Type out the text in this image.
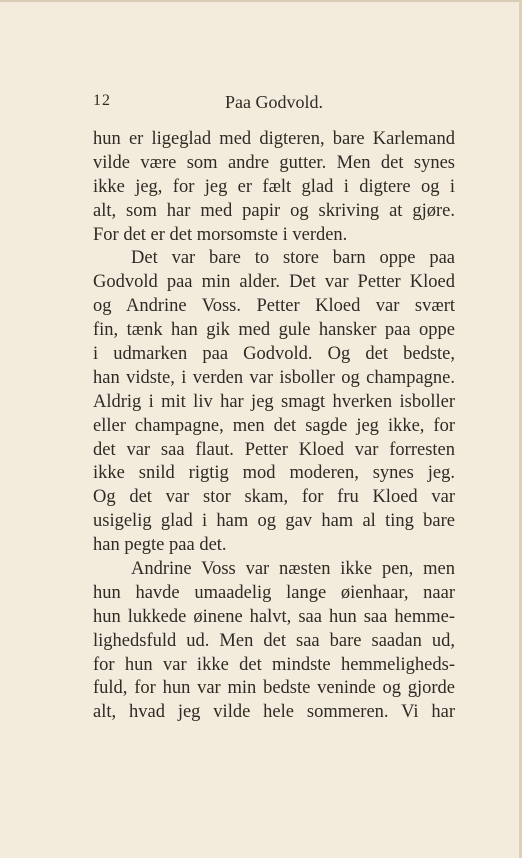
12	Paa Godvold.
hun er ligeglad med digteren, bare Karlemand
vilde være som andre gutter. Men det synes
ikke jeg, for jeg er fælt glad i digtere og i
alt, som har med papir og skriving at gjøre.
For det er det morsomste i verden.
Det var bare to store barn oppe paa
Godvold paa min alder. Det var Petter Kloed
og Andrine Voss. Petter Kloed var svært
fin, tænk han gik med gule hansker paa oppe
i udmarken paa Godvold. Og det bedste,
han vidste, i verden var isboller og champagne.
Aldrig i mit liv har jeg smagt hverken isboller
eller champagne, men det sagde jeg ikke, for
det var saa flaut. Petter Kloed var forresten
ikke snild rigtig mod moderen, synes jeg.
Og det var stor skam, for fru Kloed var
usigelig glad i ham og gav ham al ting bare
han pegte paa det.
Andrine Voss var næsten ikke pen, men
hun havde umaadelig lange øienhaar, naar
hun lukkede øinene halvt, saa hun saa hemme-
lighedsfuld ud. Men det saa bare saadan ud,
for hun var ikke det mindste hemmeligheds-
fuld, for hun var min bedste veninde og gjorde
alt, hvad jeg vilde hele sommeren. Vi har
